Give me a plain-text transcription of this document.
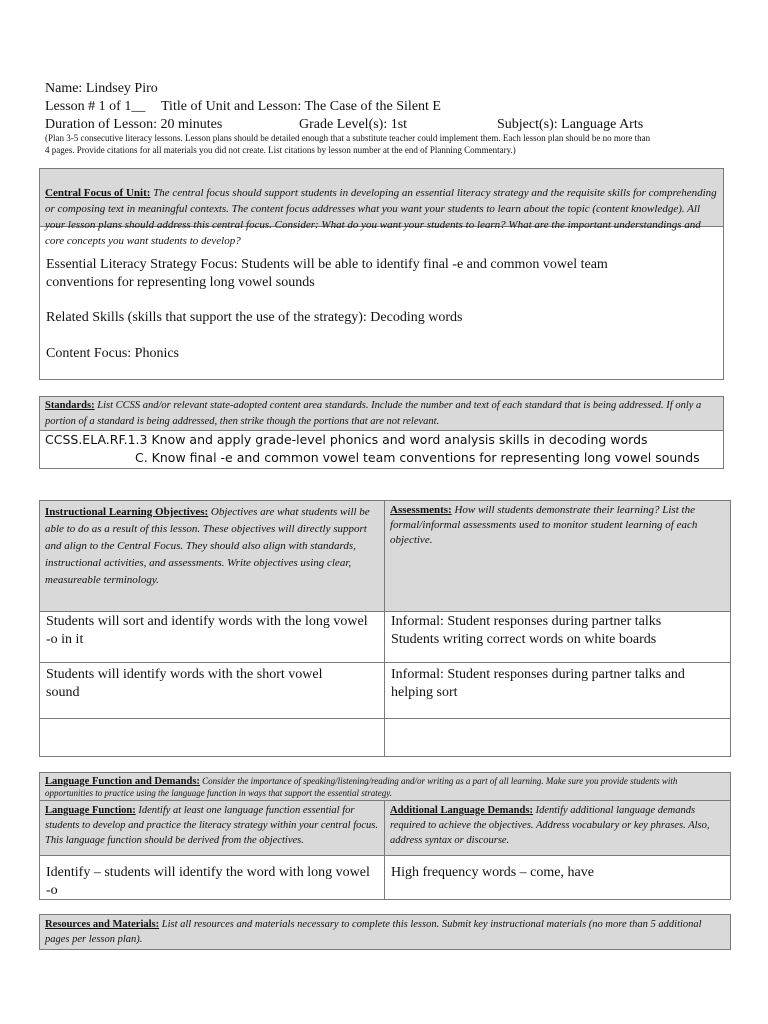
Name: Lindsey Piro
Lesson # 1 of 1__ Title of Unit and Lesson: The Case of the Silent E
Duration of Lesson: 20 minutes	Grade Level(s): 1st	Subject(s): Language Arts
(Plan 3-5 consecutive literacy lessons. Lesson plans should be detailed enough that a substitute teacher could implement them. Each lesson plan should be no more than
4 pages. Provide citations for all materials you did not create. List citations by lesson number at the end of Planning Commentary.)
Central Focus of Unit: The central focus should support students in developing an essential literacy strategy and the requisite skills for comprehending or composing text in meaningful contexts. The content focus addresses what you want your students to learn about the topic (content knowledge). All your lesson plans should address this central focus. Consider: What do you want your students to learn? What are the important understandings and core concepts you want students to develop?
Essential Literacy Strategy Focus: Students will be able to identify final -e and common vowel team
conventions for representing long vowel sounds
Related Skills (skills that support the use of the strategy): Decoding words
Content Focus: Phonics
Standards: List CCSS and/or relevant state-adopted content area standards. Include the number and text of each standard that is being addressed. If only a portion of a standard is being addressed, then strike though the portions that are not relevant.
CCSS.ELA.RF.1.3 Know and apply grade-level phonics and word analysis skills in decoding words
C. Know final -e and common vowel team conventions for representing long vowel sounds
Instructional Learning Objectives: Objectives are what students will be able to do as a result of this lesson. These objectives will directly support and align to the Central Focus. They should also align with standards, instructional activities, and assessments. Write objectives using clear, measureable terminology.
Assessments: How will students demonstrate their learning? List the formal/informal assessments used to monitor student learning of each objective.
Students will sort and identify words with the long vowel -o in it
Informal: Student responses during partner talks
Students writing correct words on white boards
Students will identify words with the short vowel sound
Informal: Student responses during partner talks and helping sort
Language Function and Demands: Consider the importance of speaking/listening/reading and/or writing as a part of all learning. Make sure you provide students with opportunities to practice using the language function in ways that support the essential strategy.
Language Function: Identify at least one language function essential for students to develop and practice the literacy strategy within your central focus. This language function should be derived from the objectives.
Additional Language Demands: Identify additional language demands required to achieve the objectives. Address vocabulary or key phrases. Also, address syntax or discourse.
Identify – students will identify the word with long vowel -o
High frequency words – come, have
Resources and Materials: List all resources and materials necessary to complete this lesson. Submit key instructional materials (no more than 5 additional pages per lesson plan).
